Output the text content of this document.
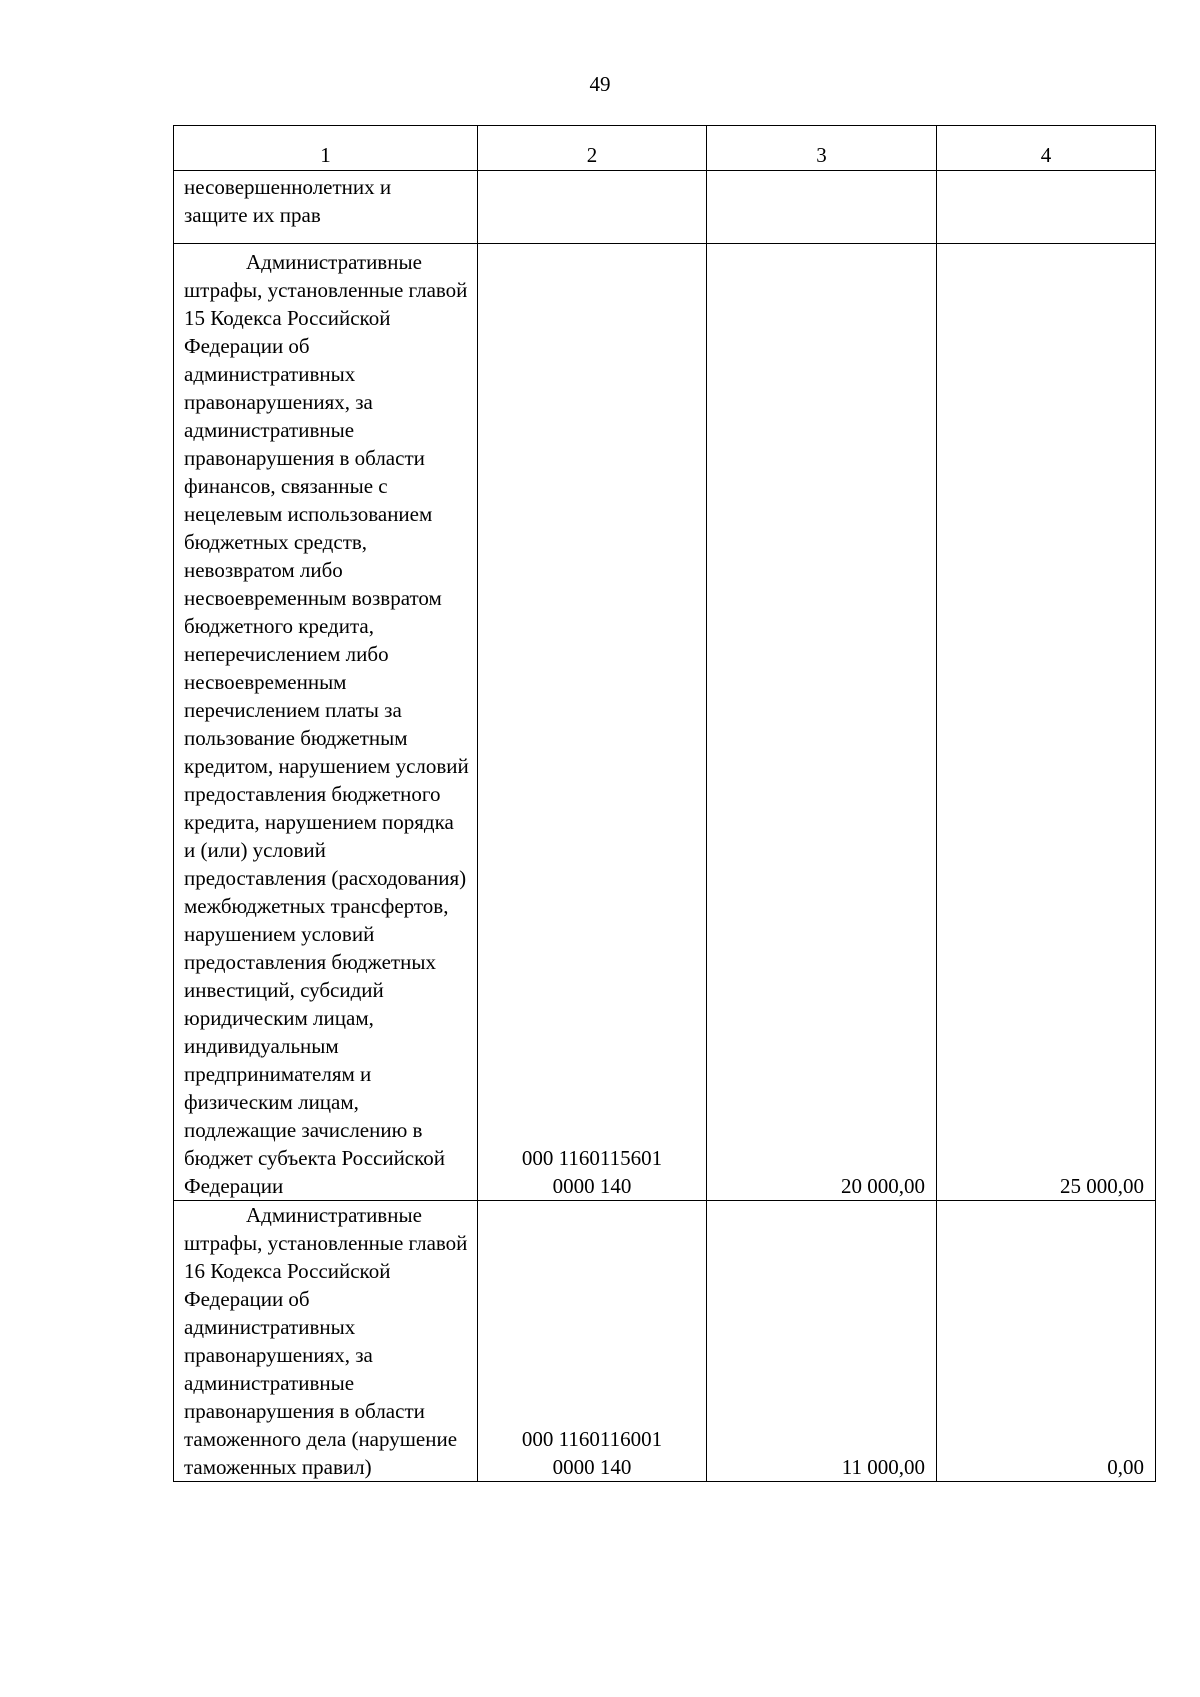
49
1	2	3	4

несовершеннолетних и
защите их прав			

Административные штрафы, установленные главой 15 Кодекса Российской Федерации об административных правонарушениях, за административные правонарушения в области финансов, связанные с нецелевым использованием бюджетных средств, невозвратом либо несвоевременным возвратом бюджетного кредита, неперечислением либо несвоевременным перечислением платы за пользование бюджетным кредитом, нарушением условий предоставления бюджетного кредита, нарушением порядка и (или) условий предоставления (расходования) межбюджетных трансфертов, нарушением условий предоставления бюджетных инвестиций, субсидий юридическим лицам, индивидуальным предпринимателям и физическим лицам, подлежащие зачислению в бюджет субъекта Российской Федерации	000 1160115601
0000 140	20 000,00	25 000,00

Административные штрафы, установленные главой 16 Кодекса Российской Федерации об административных правонарушениях, за административные правонарушения в области таможенного дела (нарушение таможенных правил)	000 1160116001
0000 140	11 000,00	0,00
